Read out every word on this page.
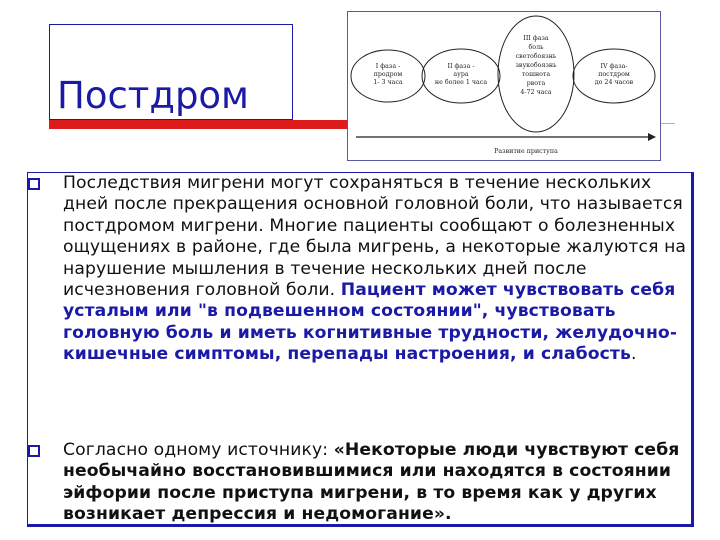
Постдром
I фаза -
продром
1- 3 часа
II фаза -
аура
не более 1 часа
III фаза
боль
светобоязнь
звукобоязнь
тошнота
рвота
4-72 часа
IV фаза-
постдром
до 24 часов
Развитие приступа
Последствия мигрени могут сохраняться в течение нескольких дней после прекращения основной головной боли, что называется постдромом мигрени. Многие пациенты сообщают о болезненных ощущениях в районе, где была мигрень, а некоторые жалуются на нарушение мышления в течение нескольких дней после исчезновения головной боли. Пациент может чувствовать себя усталым или "в подвешенном состоянии", чувствовать головную боль и иметь когнитивные трудности, желудочно-кишечные симптомы, перепады настроения, и слабость.
Согласно одному источнику: «Некоторые люди чувствуют себя необычайно восстановившимися или находятся в состоянии эйфории после приступа мигрени, в то время как у других возникает депрессия и недомогание».
